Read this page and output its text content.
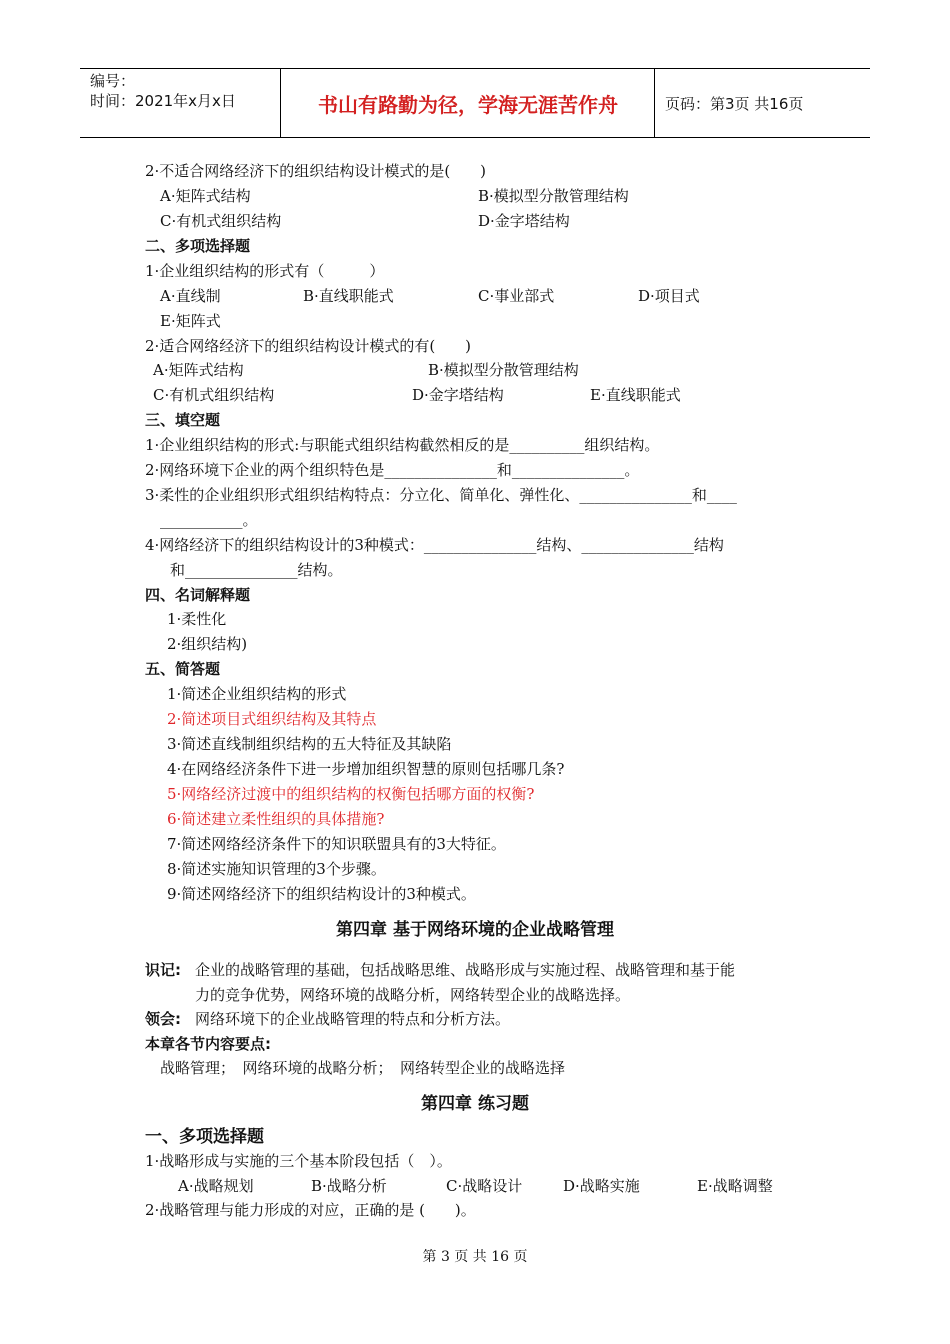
编号：
时间：2021年x月x日	书山有路勤为径，学海无涯苦作舟	页码：第3页 共16页
2·不适合网络经济下的组织结构设计模式的是(　　)
A·矩阵式结构	B·模拟型分散管理结构
C·有机式组织结构	D·金字塔结构
二、多项选择题
1·企业组织结构的形式有（　　　）
A·直线制	B·直线职能式	C·事业部式	D·项目式
E·矩阵式
2·适合网络经济下的组织结构设计模式的有(　　)
A·矩阵式结构	B·模拟型分散管理结构
C·有机式组织结构	D·金字塔结构	E·直线职能式
三、填空题
1·企业组织结构的形式:与职能式组织结构截然相反的是__________组织结构。
2·网络环境下企业的两个组织特色是_______________和_______________。
3·柔性的企业组织形式组织结构特点：分立化、简单化、弹性化、_______________和____
___________。
4·网络经济下的组织结构设计的3种模式：_______________结构、_______________结构
和_______________结构。
四、名词解释题
1·柔性化
2·组织结构)
五、简答题
1·简述企业组织结构的形式
2·简述项目式组织结构及其特点
3·简述直线制组织结构的五大特征及其缺陷
4·在网络经济条件下进一步增加组织智慧的原则包括哪几条?
5·网络经济过渡中的组织结构的权衡包括哪方面的权衡?
6·简述建立柔性组织的具体措施?
7·简述网络经济条件下的知识联盟具有的3大特征。
8·简述实施知识管理的3个步骤。
9·简述网络经济下的组织结构设计的3种模式。
第四章 基于网络环境的企业战略管理
识记: 企业的战略管理的基础，包括战略思维、战略形成与实施过程、战略管理和基于能
力的竞争优势，网络环境的战略分析，网络转型企业的战略选择。
领会: 网络环境下的企业战略管理的特点和分析方法。
本章各节内容要点:
战略管理；　网络环境的战略分析；　网络转型企业的战略选择
第四章 练习题
一、多项选择题
1·战略形成与实施的三个基本阶段包括（　）。
A·战略规划	B·战略分析	C·战略设计	D·战略实施	E·战略调整
2·战略管理与能力形成的对应，正确的是 (　　)。
第 3 页 共 16 页
